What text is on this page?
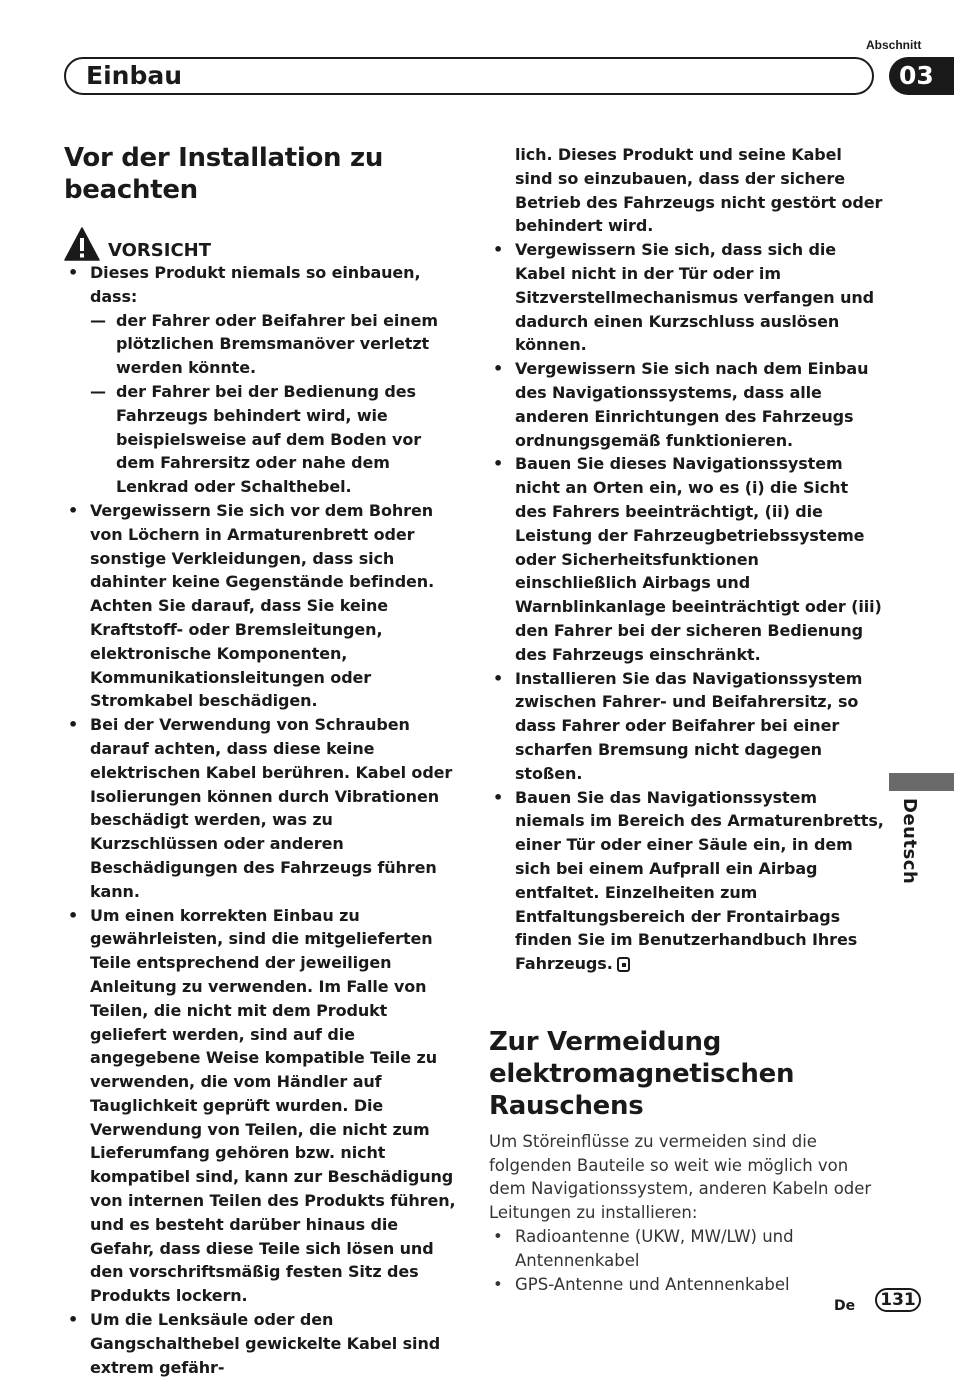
Abschnitt
Einbau	03
Deutsch
Vor der Installation zu beachten
VORSICHT
• Dieses Produkt niemals so einbauen, dass:
— der Fahrer oder Beifahrer bei einem plötzlichen Bremsmanöver verletzt werden könnte.
— der Fahrer bei der Bedienung des Fahrzeugs behindert wird, wie beispielsweise auf dem Boden vor dem Fahrersitz oder nahe dem Lenkrad oder Schalthebel.
• Vergewissern Sie sich vor dem Bohren von Löchern in Armaturenbrett oder sonstige Verkleidungen, dass sich dahinter keine Gegenstände befinden. Achten Sie darauf, dass Sie keine Kraftstoff- oder Bremsleitungen, elektronische Komponenten, Kommunikationsleitungen oder Stromkabel beschädigen.
• Bei der Verwendung von Schrauben darauf achten, dass diese keine elektrischen Kabel berühren. Kabel oder Isolierungen können durch Vibrationen beschädigt werden, was zu Kurzschlüssen oder anderen Beschädigungen des Fahrzeugs führen kann.
• Um einen korrekten Einbau zu gewährleisten, sind die mitgelieferten Teile entsprechend der jeweiligen Anleitung zu verwenden. Im Falle von Teilen, die nicht mit dem Produkt geliefert werden, sind auf die angegebene Weise kompatible Teile zu verwenden, die vom Händler auf Tauglichkeit geprüft wurden. Die Verwendung von Teilen, die nicht zum Lieferumfang gehören bzw. nicht kompatibel sind, kann zur Beschädigung von internen Teilen des Produkts führen, und es besteht darüber hinaus die Gefahr, dass diese Teile sich lösen und den vorschriftsmäßig festen Sitz des Produkts lockern.
• Um die Lenksäule oder den Gangschalthebel gewickelte Kabel sind extrem gefähr-
lich. Dieses Produkt und seine Kabel sind so einzubauen, dass der sichere Betrieb des Fahrzeugs nicht gestört oder behindert wird.
• Vergewissern Sie sich, dass sich die Kabel nicht in der Tür oder im Sitzverstellmechanismus verfangen und dadurch einen Kurzschluss auslösen können.
• Vergewissern Sie sich nach dem Einbau des Navigationssystems, dass alle anderen Einrichtungen des Fahrzeugs ordnungsgemäß funktionieren.
• Bauen Sie dieses Navigationssystem nicht an Orten ein, wo es (i) die Sicht des Fahrers beeinträchtigt, (ii) die Leistung der Fahrzeugbetriebssysteme oder Sicherheitsfunktionen einschließlich Airbags und Warnblinkanlage beeinträchtigt oder (iii) den Fahrer bei der sicheren Bedienung des Fahrzeugs einschränkt.
• Installieren Sie das Navigationssystem zwischen Fahrer- und Beifahrersitz, so dass Fahrer oder Beifahrer bei einer scharfen Bremsung nicht dagegen stoßen.
• Bauen Sie das Navigationssystem niemals im Bereich des Armaturenbretts, einer Tür oder einer Säule ein, in dem sich bei einem Aufprall ein Airbag entfaltet. Einzelheiten zum Entfaltungsbereich der Frontairbags finden Sie im Benutzerhandbuch Ihres Fahrzeugs.
Zur Vermeidung elektromagnetischen Rauschens
Um Störeinflüsse zu vermeiden sind die folgenden Bauteile so weit wie möglich von dem Navigationssystem, anderen Kabeln oder Leitungen zu installieren:
• Radioantenne (UKW, MW/LW) und Antennenkabel
• GPS-Antenne und Antennenkabel
De	131
